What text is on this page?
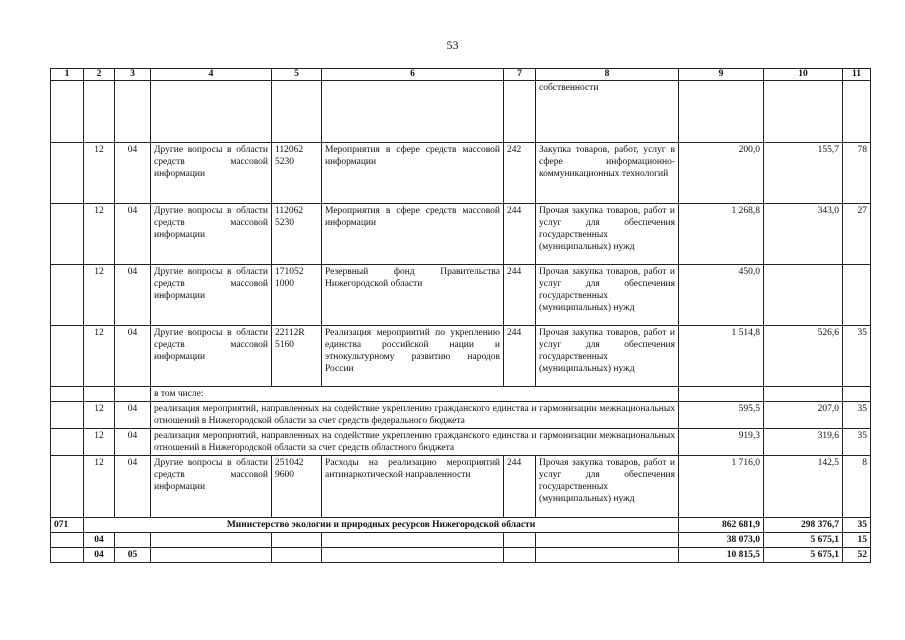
53
1	2	3	4	5	6	7	8	9	10	11
							собственности			
	12	04	Другие вопросы в области средств массовой информации	112062 5230	Мероприятия в сфере средств массовой информации	242	Закупка товаров, работ, услуг в сфере информационно-коммуникационных технологий	200,0	155,7	78
	12	04	Другие вопросы в области средств массовой информации	112062 5230	Мероприятия в сфере средств массовой информации	244	Прочая закупка товаров, работ и услуг для обеспечения государственных (муниципальных) нужд	1 268,8	343,0	27
	12	04	Другие вопросы в области средств массовой информации	171052 1000	Резервный фонд Правительства Нижегородской области	244	Прочая закупка товаров, работ и услуг для обеспечения государственных (муниципальных) нужд	450,0		
	12	04	Другие вопросы в области средств массовой информации	22112R 5160	Реализация мероприятий по укреплению единства российской нации и этнокультурному развитию народов России	244	Прочая закупка товаров, работ и услуг для обеспечения государственных (муниципальных) нужд	1 514,8	526,6	35
			в том числе:							
	12	04	реализация мероприятий, направленных на содействие укреплению гражданского единства и гармонизации межнациональных отношений в Нижегородской области за счет средств федерального бюджета					595,5	207,0	35
	12	04	реализация мероприятий, направленных на содействие укреплению гражданского единства и гармонизации межнациональных отношений в Нижегородской области за счет средств областного бюджета					919,3	319,6	35
	12	04	Другие вопросы в области средств массовой информации	251042 9600	Расходы на реализацию мероприятий антинаркотической направленности	244	Прочая закупка товаров, работ и услуг для обеспечения государственных (муниципальных) нужд	1 716,0	142,5	8
071	Министерство экологии и природных ресурсов Нижегородской области							862 681,9	298 376,7	35
	04							38 073,0	5 675,1	15
	04	05						10 815,5	5 675,1	52
